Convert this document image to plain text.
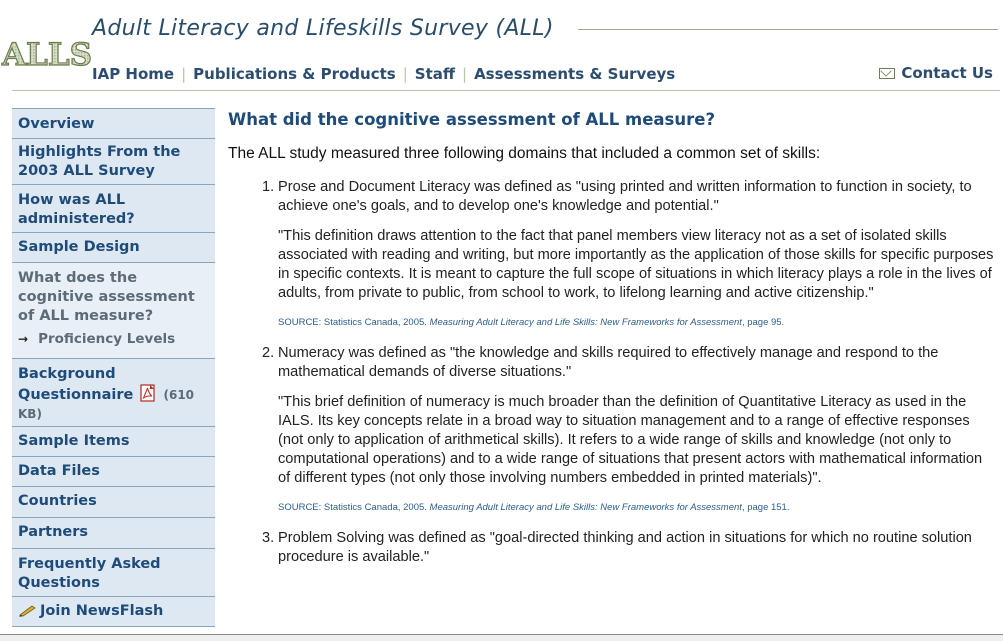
ALLS
Adult Literacy and Lifeskills Survey (ALL)
IAP Home | Publications & Products | Staff | Assessments & Surveys	Contact Us
Overview
Highlights From the 2003 ALL Survey
How was ALL administered?
Sample Design
What does the cognitive assessment of ALL measure?
→ Proficiency Levels
Background Questionnaire	(610 KB)
Sample Items
Data Files
Countries
Partners
Frequently Asked Questions
Join NewsFlash
What did the cognitive assessment of ALL measure?

The ALL study measured three following domains that included a common set of skills:

1. Prose and Document Literacy was defined as "using printed and written information to function in society, to achieve one's goals, and to develop one's knowledge and potential."

"This definition draws attention to the fact that panel members view literacy not as a set of isolated skills associated with reading and writing, but more importantly as the application of those skills for specific purposes in specific contexts. It is meant to capture the full scope of situations in which literacy plays a role in the lives of adults, from private to public, from school to work, to lifelong learning and active citizenship."

SOURCE: Statistics Canada, 2005. Measuring Adult Literacy and Life Skills: New Frameworks for Assessment, page 95.

2. Numeracy was defined as "the knowledge and skills required to effectively manage and respond to the mathematical demands of diverse situations."

"This brief definition of numeracy is much broader than the definition of Quantitative Literacy as used in the IALS. Its key concepts relate in a broad way to situation management and to a range of effective responses (not only to application of arithmetical skills). It refers to a wide range of skills and knowledge (not only to computational operations) and to a wide range of situations that present actors with mathematical information of different types (not only those involving numbers embedded in printed materials)".

SOURCE: Statistics Canada, 2005. Measuring Adult Literacy and Life Skills: New Frameworks for Assessment, page 151.

3. Problem Solving was defined as "goal-directed thinking and action in situations for which no routine solution procedure is available."
